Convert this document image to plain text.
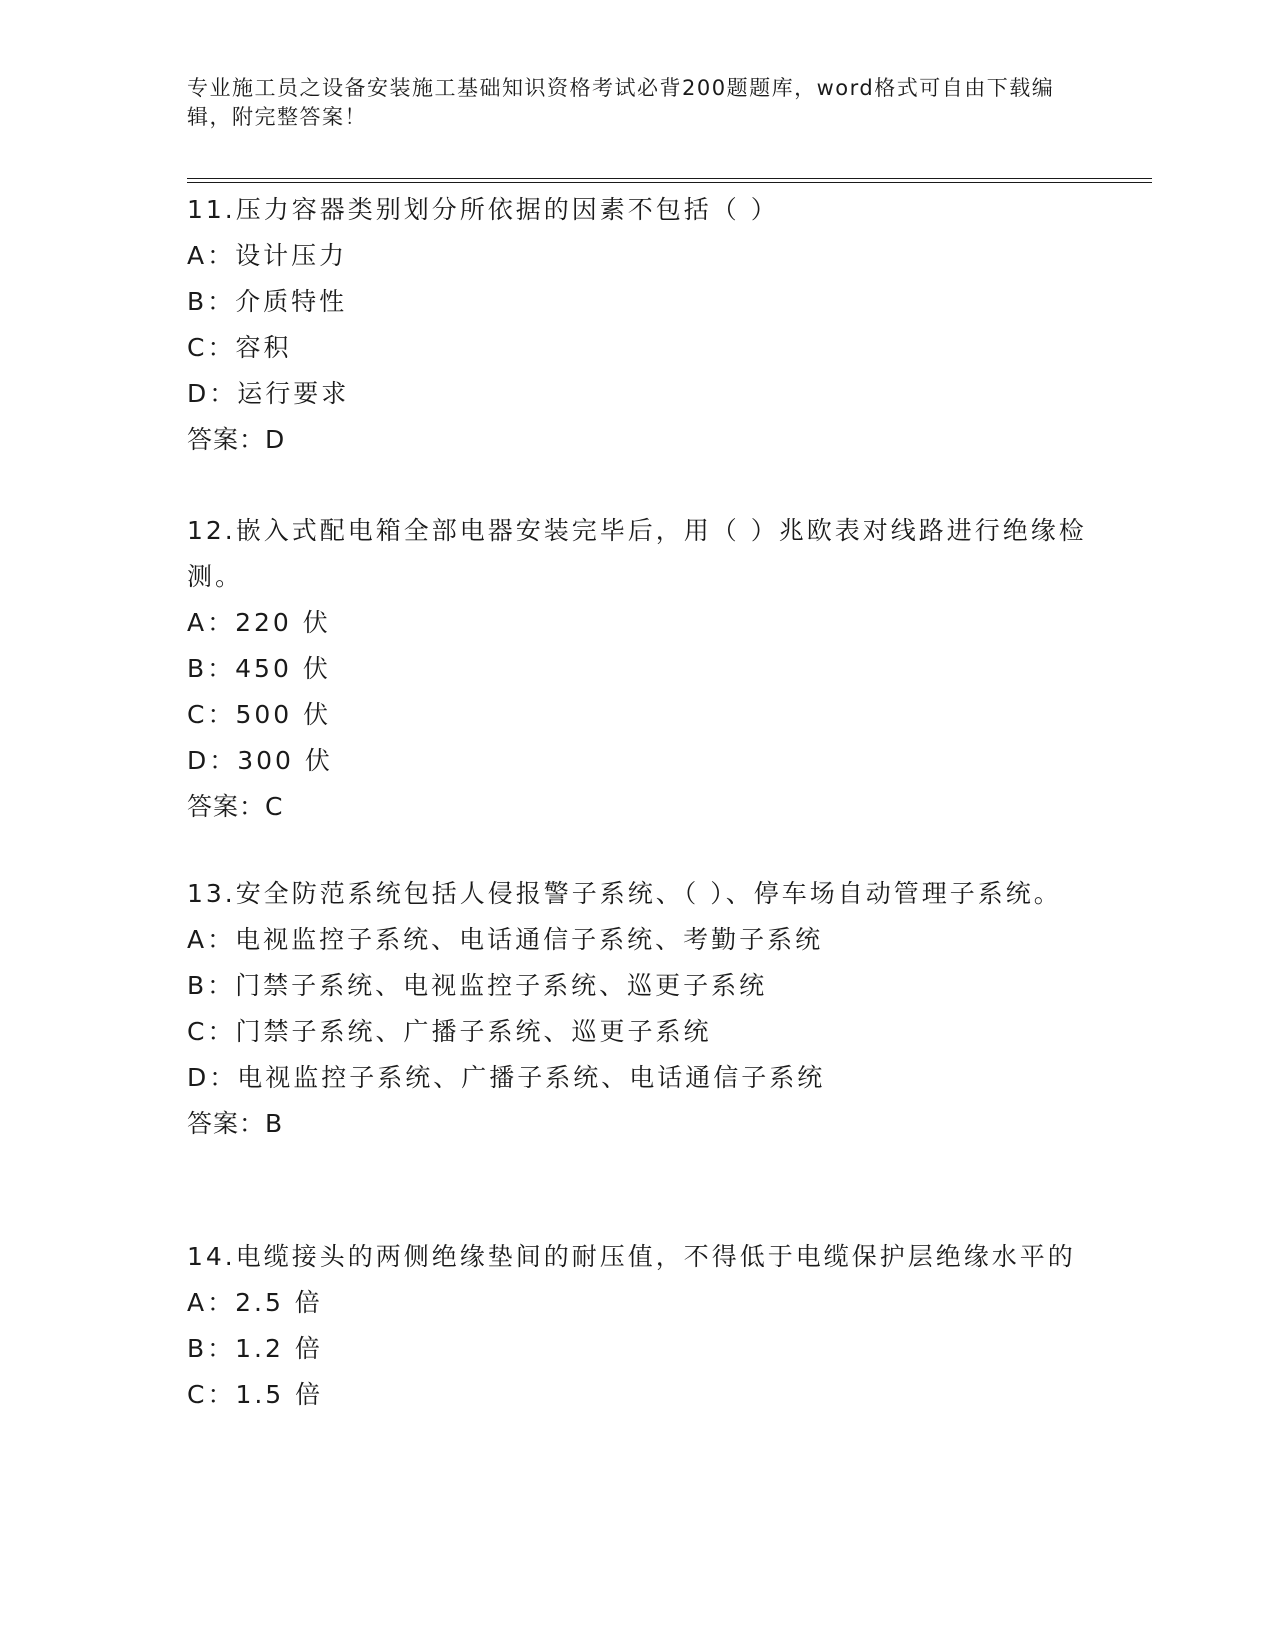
专业施工员之设备安装施工基础知识资格考试必背200题题库，word格式可自由下载编辑，附完整答案！
11.压力容器类别划分所依据的因素不包括（ ）
A：设计压力
B：介质特性
C：容积
D：运行要求
答案：D
12.嵌入式配电箱全部电器安装完毕后，用（ ）兆欧表对线路进行绝缘检测。
A：220 伏
B：450 伏
C：500 伏
D：300 伏
答案：C
13.安全防范系统包括人侵报警子系统、（ ）、停车场自动管理子系统。
A：电视监控子系统、电话通信子系统、考勤子系统
B：门禁子系统、电视监控子系统、巡更子系统
C：门禁子系统、广播子系统、巡更子系统
D：电视监控子系统、广播子系统、电话通信子系统
答案：B
14.电缆接头的两侧绝缘垫间的耐压值，不得低于电缆保护层绝缘水平的
A：2.5 倍
B：1.2 倍
C：1.5 倍
